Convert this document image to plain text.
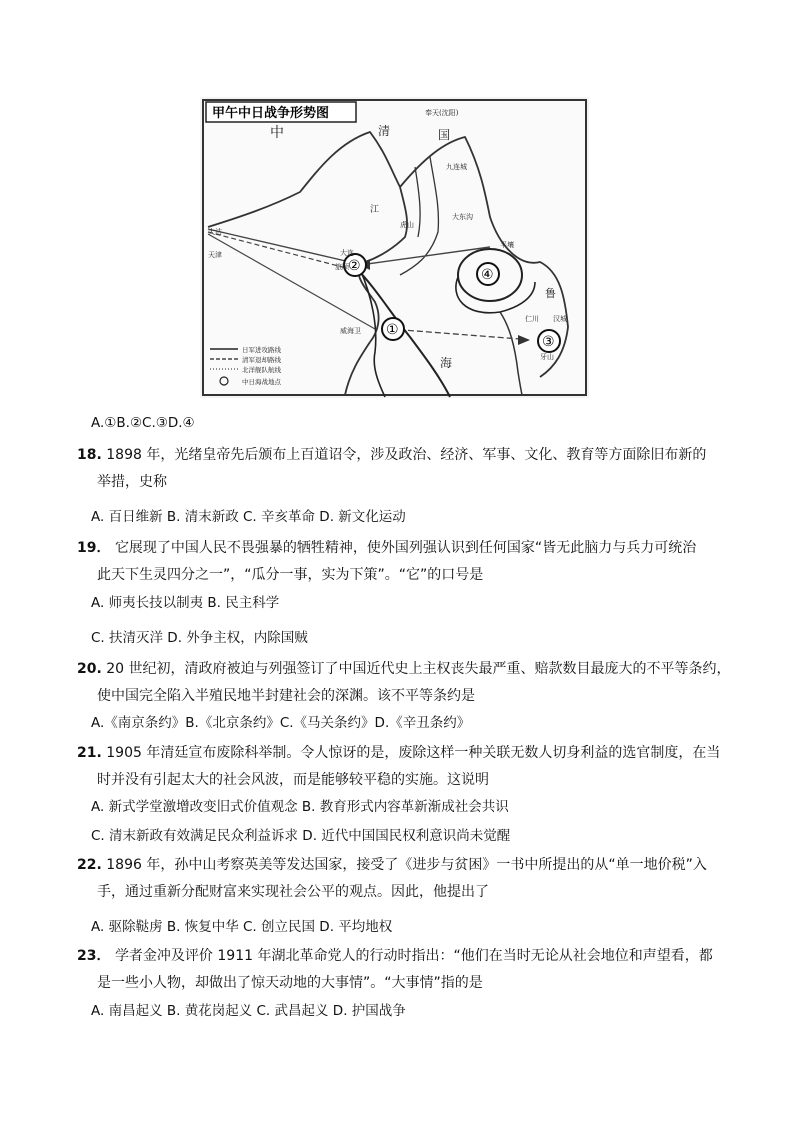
甲午中日战争形势图
①
②
③
④
中	清	国
奉天(沈阳)
九连城
虎山
大东沟
江
大连
旅顺
威海卫
大沽
天津
平壤
仁川 汉城
牙山
鲁
海
日军进攻路线
清军退却路线
北洋舰队航线
中日海战地点
A.①B.②C.③D.④
18. 1898 年，光绪皇帝先后颁布上百道诏令，涉及政治、经济、军事、文化、教育等方面除旧布新的
举措，史称
A. 百日维新 B. 清末新政 C. 辛亥革命 D. 新文化运动
19． 它展现了中国人民不畏强暴的牺牲精神，使外国列强认识到任何国家“皆无此脑力与兵力可统治
此天下生灵四分之一”，“瓜分一事，实为下策”。“它”的口号是
A. 师夷长技以制夷 B. 民主科学
C. 扶清灭洋 D. 外争主权，内除国贼
20. 20 世纪初，清政府被迫与列强签订了中国近代史上主权丧失最严重、赔款数目最庞大的不平等条约，
使中国完全陷入半殖民地半封建社会的深渊。该不平等条约是
A.《南京条约》B.《北京条约》C.《马关条约》D.《辛丑条约》
21. 1905 年清廷宣布废除科举制。令人惊讶的是，废除这样一种关联无数人切身利益的选官制度，在当
时并没有引起太大的社会风波，而是能够较平稳的实施。这说明
A. 新式学堂激增改变旧式价值观念 B. 教育形式内容革新渐成社会共识
C. 清末新政有效满足民众利益诉求 D. 近代中国国民权利意识尚未觉醒
22. 1896 年，孙中山考察英美等发达国家，接受了《进步与贫困》一书中所提出的从“单一地价税”入
手，通过重新分配财富来实现社会公平的观点。因此，他提出了
A. 驱除鞑虏 B. 恢复中华 C. 创立民国 D. 平均地权
23． 学者金冲及评价 1911 年湖北革命党人的行动时指出：“他们在当时无论从社会地位和声望看，都
是一些小人物，却做出了惊天动地的大事情”。“大事情”指的是
A. 南昌起义 B. 黄花岗起义 C. 武昌起义 D. 护国战争
